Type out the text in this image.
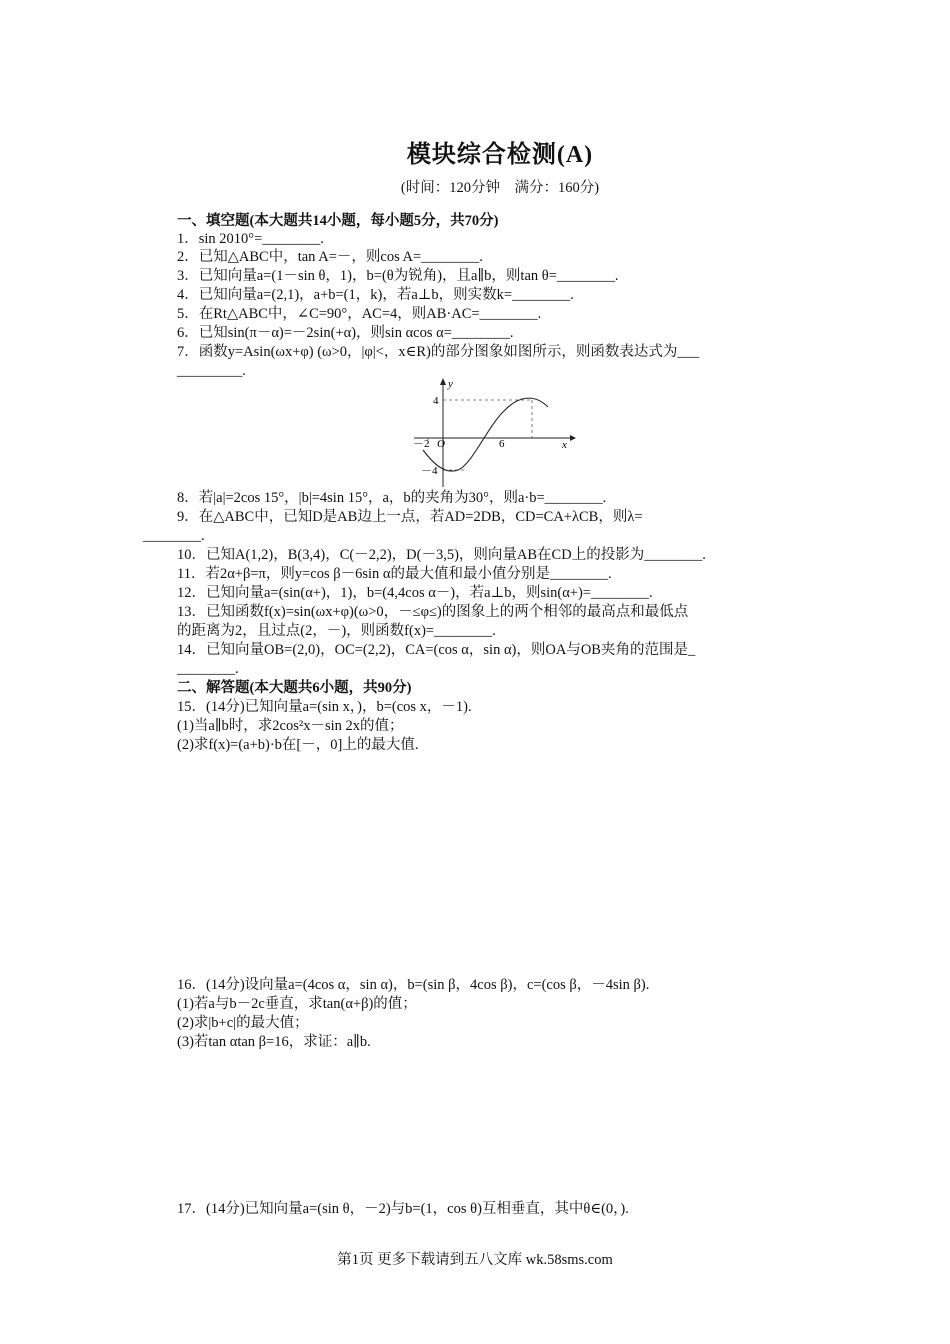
模块综合检测(A)
(时间：120分钟　满分：160分)
一、填空题(本大题共14小题，每小题5分，共70分)
1．sin 2010°=________.
2．已知△ABC中，tan A=－，则cos A=________.
3．已知向量a=(1－sin θ，1)，b=(θ为锐角)，且a∥b，则tan θ=________.
4．已知向量a=(2,1)，a+b=(1，k)，若a⊥b，则实数k=________.
5．在Rt△ABC中，∠C=90°，AC=4，则AB·AC=________.
6．已知sin(π－α)=－2sin(+α)，则sin αcos α=________.
7．函数y=Asin(ωx+φ) (ω>0，|φ|<，x∈R)的部分图象如图所示，则函数表达式为___
_________.
y
x
O
4
－4
－2	6
8．若|a|=2cos 15°，|b|=4sin 15°，a，b的夹角为30°，则a·b=________.
9．在△ABC中，已知D是AB边上一点，若AD=2DB，CD=CA+λCB，则λ=
________.
10．已知A(1,2)，B(3,4)，C(－2,2)，D(－3,5)，则向量AB在CD上的投影为________.
11．若2α+β=π，则y=cos β－6sin α的最大值和最小值分别是________.
12．已知向量a=(sin(α+)，1)，b=(4,4cos α－)，若a⊥b，则sin(α+)=________.
13．已知函数f(x)=sin(ωx+φ)(ω>0，－≤φ≤)的图象上的两个相邻的最高点和最低点
的距离为2，且过点(2，－)，则函数f(x)=________.
14．已知向量OB=(2,0)，OC=(2,2)，CA=(cos α，sin α)，则OA与OB夹角的范围是_
________.
二、解答题(本大题共6小题，共90分)
15．(14分)已知向量a=(sin x，)，b=(cos x，－1).
(1)当a∥b时，求2cos²x－sin 2x的值；
(2)求f(x)=(a+b)·b在[－，0]上的最大值.
16．(14分)设向量a=(4cos α，sin α)，b=(sin β，4cos β)，c=(cos β，－4sin β).
(1)若a与b－2c垂直，求tan(α+β)的值；
(2)求|b+c|的最大值；
(3)若tan αtan β=16，求证：a∥b.
17．(14分)已知向量a=(sin θ，－2)与b=(1，cos θ)互相垂直，其中θ∈(0，).
第1页 更多下载请到五八文库 wk.58sms.com
